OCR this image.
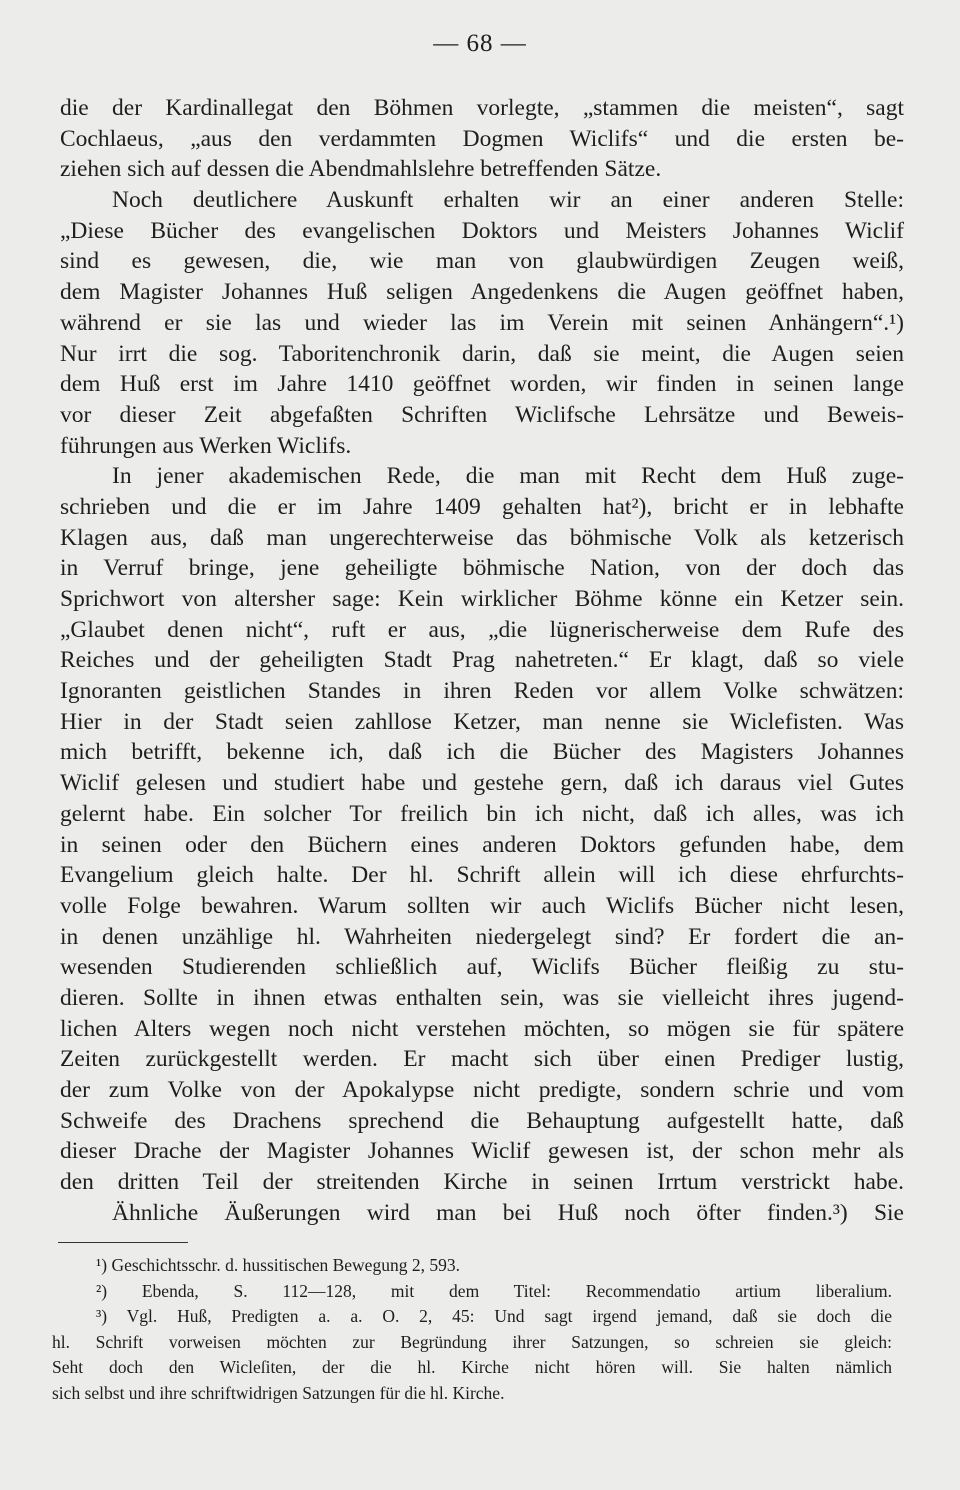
— 68 —
die der Kardinallegat den Böhmen vorlegte, „stammen die meisten“, sagt
Cochlaeus, „aus den verdammten Dogmen Wiclifs“ und die ersten be-
ziehen sich auf dessen die Abendmahlslehre betreffenden Sätze.
Noch deutlichere Auskunft erhalten wir an einer anderen Stelle:
„Diese Bücher des evangelischen Doktors und Meisters Johannes Wiclif
sind es gewesen, die, wie man von glaubwürdigen Zeugen weiß,
dem Magister Johannes Huß seligen Angedenkens die Augen geöffnet haben,
während er sie las und wieder las im Verein mit seinen Anhängern“.¹)
Nur irrt die sog. Taboritenchronik darin, daß sie meint, die Augen seien
dem Huß erst im Jahre 1410 geöffnet worden, wir finden in seinen lange
vor dieser Zeit abgefaßten Schriften Wiclifsche Lehrsätze und Beweis-
führungen aus Werken Wiclifs.
In jener akademischen Rede, die man mit Recht dem Huß zuge-
schrieben und die er im Jahre 1409 gehalten hat²), bricht er in lebhafte
Klagen aus, daß man ungerechterweise das böhmische Volk als ketzerisch
in Verruf bringe, jene geheiligte böhmische Nation, von der doch das
Sprichwort von altersher sage: Kein wirklicher Böhme könne ein Ketzer sein.
„Glaubet denen nicht“, ruft er aus, „die lügnerischerweise dem Rufe des
Reiches und der geheiligten Stadt Prag nahetreten.“ Er klagt, daß so viele
Ignoranten geistlichen Standes in ihren Reden vor allem Volke schwätzen:
Hier in der Stadt seien zahllose Ketzer, man nenne sie Wiclefisten. Was
mich betrifft, bekenne ich, daß ich die Bücher des Magisters Johannes
Wiclif gelesen und studiert habe und gestehe gern, daß ich daraus viel Gutes
gelernt habe. Ein solcher Tor freilich bin ich nicht, daß ich alles, was ich
in seinen oder den Büchern eines anderen Doktors gefunden habe, dem
Evangelium gleich halte. Der hl. Schrift allein will ich diese ehrfurchts-
volle Folge bewahren. Warum sollten wir auch Wiclifs Bücher nicht lesen,
in denen unzählige hl. Wahrheiten niedergelegt sind? Er fordert die an-
wesenden Studierenden schließlich auf, Wiclifs Bücher fleißig zu stu-
dieren. Sollte in ihnen etwas enthalten sein, was sie vielleicht ihres jugend-
lichen Alters wegen noch nicht verstehen möchten, so mögen sie für spätere
Zeiten zurückgestellt werden. Er macht sich über einen Prediger lustig,
der zum Volke von der Apokalypse nicht predigte, sondern schrie und vom
Schweife des Drachens sprechend die Behauptung aufgestellt hatte, daß
dieser Drache der Magister Johannes Wiclif gewesen ist, der schon mehr als
den dritten Teil der streitenden Kirche in seinen Irrtum verstrickt habe.
Ähnliche Äußerungen wird man bei Huß noch öfter finden.³) Sie
¹) Geschichtsschr. d. hussitischen Bewegung 2, 593.
²) Ebenda, S. 112—128, mit dem Titel: Recommendatio artium liberalium.
³) Vgl. Huß, Predigten a. a. O. 2, 45: Und sagt irgend jemand, daß sie doch die
hl. Schrift vorweisen möchten zur Begründung ihrer Satzungen, so schreien sie gleich:
Seht doch den Wicleſiten, der die hl. Kirche nicht hören will. Sie halten nämlich
sich selbst und ihre schriftwidrigen Satzungen für die hl. Kirche.
